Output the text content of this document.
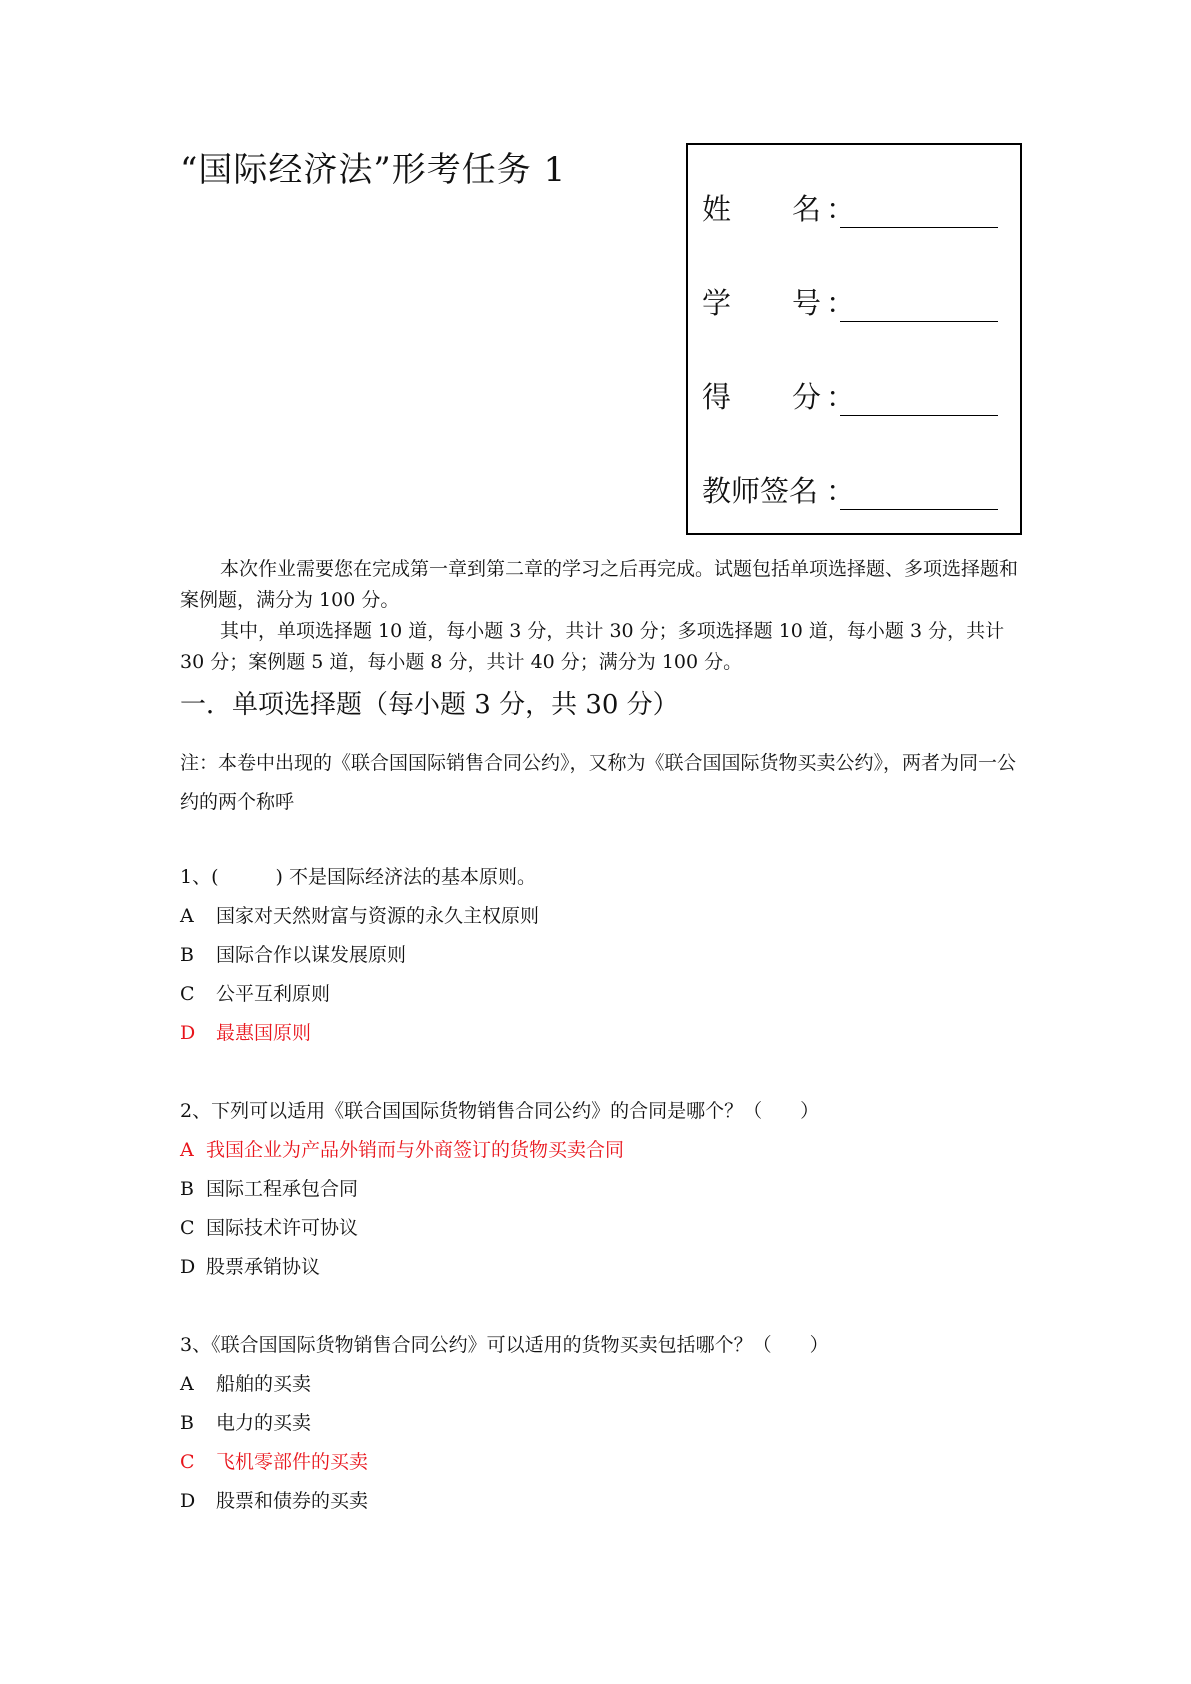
“国际经济法”形考任务 1
姓 名 ：
学 号 ：
得 分 ：
教师签名 ：

本次作业需要您在完成第一章到第二章的学习之后再完成。试题包括单项选择题、多项选择题和案例题，满分为 100 分。

其中，单项选择题 10 道，每小题 3 分，共计 30 分；多项选择题 10 道，每小题 3 分，共计 30 分；案例题 5 道，每小题 8 分，共计 40 分；满分为 100 分。

一．单项选择题（每小题 3 分，共 30 分）
注：本卷中出现的《联合国国际销售合同公约》，又称为《联合国国际货物买卖公约》，两者为同一公约的两个称呼
1、(　　　) 不是国际经济法的基本原则。
A 国家对天然财富与资源的永久主权原则
B 国际合作以谋发展原则
C 公平互利原则
D 最惠国原则
2、下列可以适用《联合国国际货物销售合同公约》的合同是哪个？（　　）
A 我国企业为产品外销而与外商签订的货物买卖合同
B 国际工程承包合同
C 国际技术许可协议
D 股票承销协议
3、《联合国国际货物销售合同公约》可以适用的货物买卖包括哪个？（　　）
A 船舶的买卖
B 电力的买卖
C 飞机零部件的买卖
D 股票和债券的买卖
